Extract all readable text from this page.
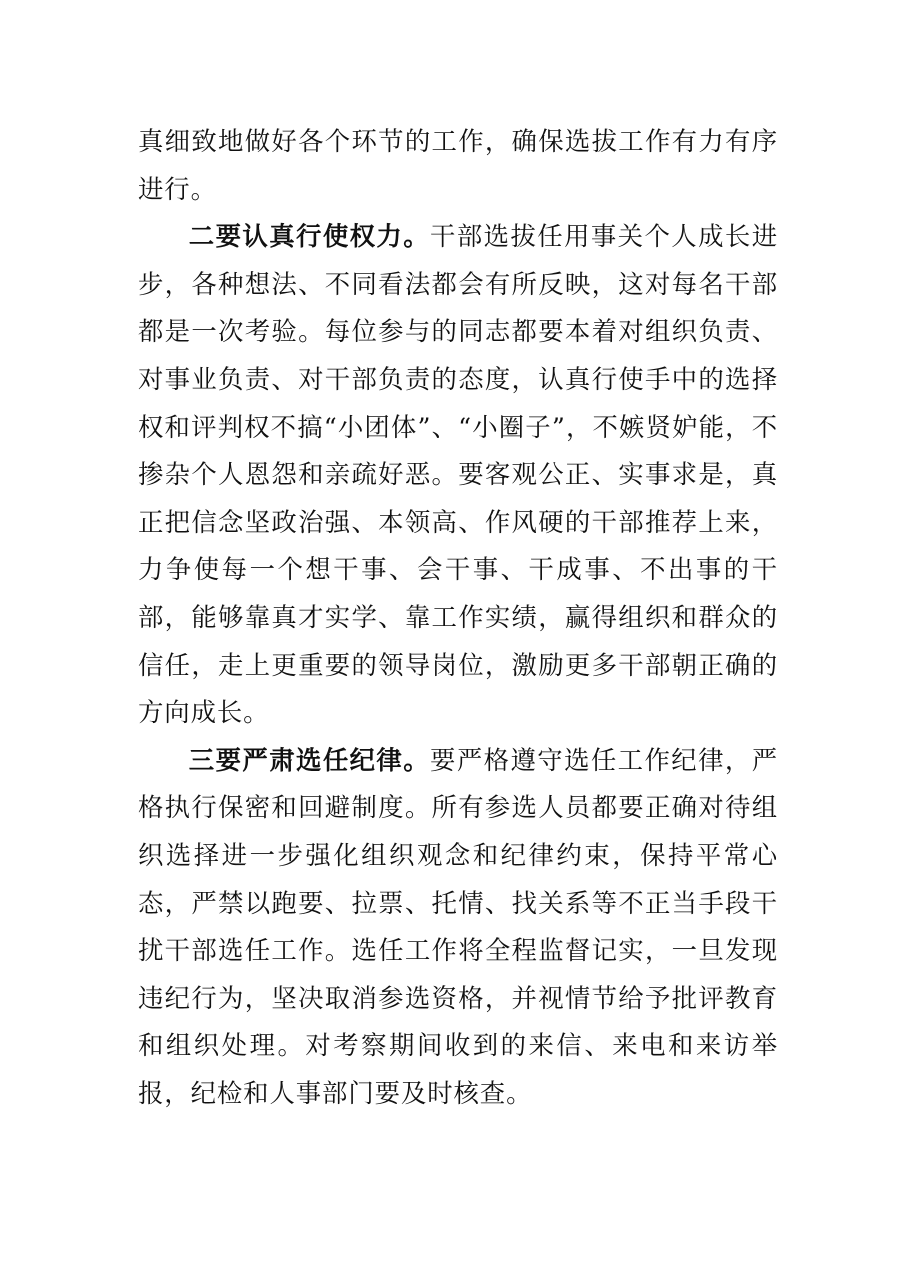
真细致地做好各个环节的工作，确保选拔工作有力有序进行。

二要认真行使权力。干部选拔任用事关个人成长进步，各种想法、不同看法都会有所反映，这对每名干部都是一次考验。每位参与的同志都要本着对组织负责、对事业负责、对干部负责的态度，认真行使手中的选择权和评判权不搞“小团体”、“小圈子”，不嫉贤妒能，不掺杂个人恩怨和亲疏好恶。要客观公正、实事求是，真正把信念坚政治强、本领高、作风硬的干部推荐上来，力争使每一个想干事、会干事、干成事、不出事的干部，能够靠真才实学、靠工作实绩，赢得组织和群众的信任，走上更重要的领导岗位，激励更多干部朝正确的方向成长。

三要严肃选任纪律。要严格遵守选任工作纪律，严格执行保密和回避制度。所有参选人员都要正确对待组织选择进一步强化组织观念和纪律约束，保持平常心态，严禁以跑要、拉票、托情、找关系等不正当手段干扰干部选任工作。选任工作将全程监督记实，一旦发现违纪行为，坚决取消参选资格，并视情节给予批评教育和组织处理。对考察期间收到的来信、来电和来访举报，纪检和人事部门要及时核查。
